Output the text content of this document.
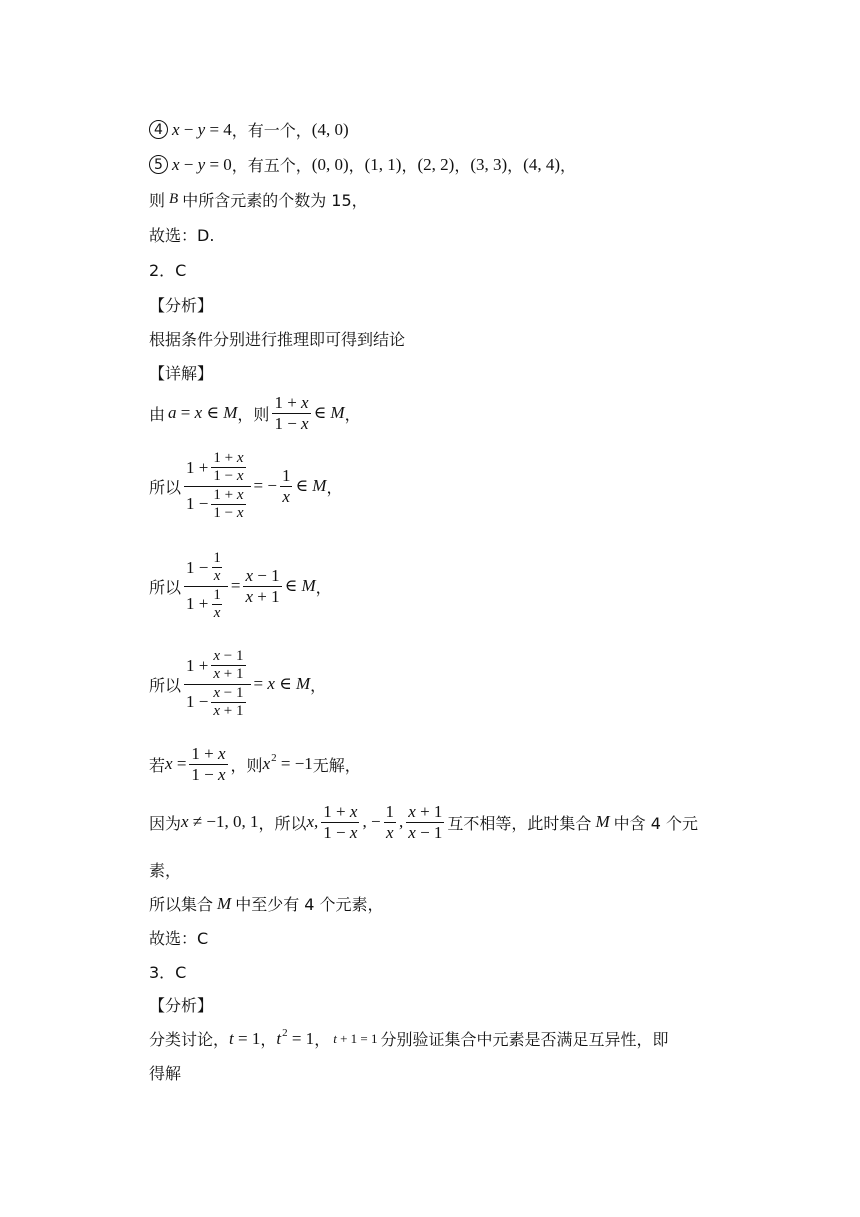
4 x − y = 4 ，有一个， (4, 0)
5 x − y = 0 ，有五个， (0, 0) ， (1, 1) ， (2, 2) ， (3, 3) ， (4, 4) ，
则 B 中所含元素的个数为 15，
故选：D.
2．C
【分析】
根据条件分别进行推理即可得到结论
【详解】
由 a = x ∈ M ，则 $\frac{1 + x}{1 - x}$ ∈ M ，
所以 $\frac{1 + \frac{1 + x}{1 - x}}{1 - \frac{1 + x}{1 - x}}$ = − $\frac{1}{x}$ ∈ M ，
所以 $\frac{1 - \frac{1}{x}}{1 + \frac{1}{x}} = \frac{x - 1}{x + 1}$ ∈ M ，
所以 $\frac{1 + \frac{x - 1}{x + 1}}{1 - \frac{x - 1}{x + 1}} = x$ ∈ M ，
若 $x = \frac{1 + x}{1 - x}$ ，则 $x^2 = -1$ 无解，
因为 x ≠ −1, 0, 1 ，所以 x, $\frac{1 + x}{1 - x}$ , − $\frac{1}{x}$ , $\frac{x + 1}{x - 1}$ 互不相等，此时集合 M 中含 4 个元
素，
所以集合 M 中至少有 4 个元素，
故选：C
3．C
【分析】
分类讨论， t = 1 ， $t^2 = 1$ ， t + 1 = 1 分别验证集合中元素是否满足互异性，即
得解
